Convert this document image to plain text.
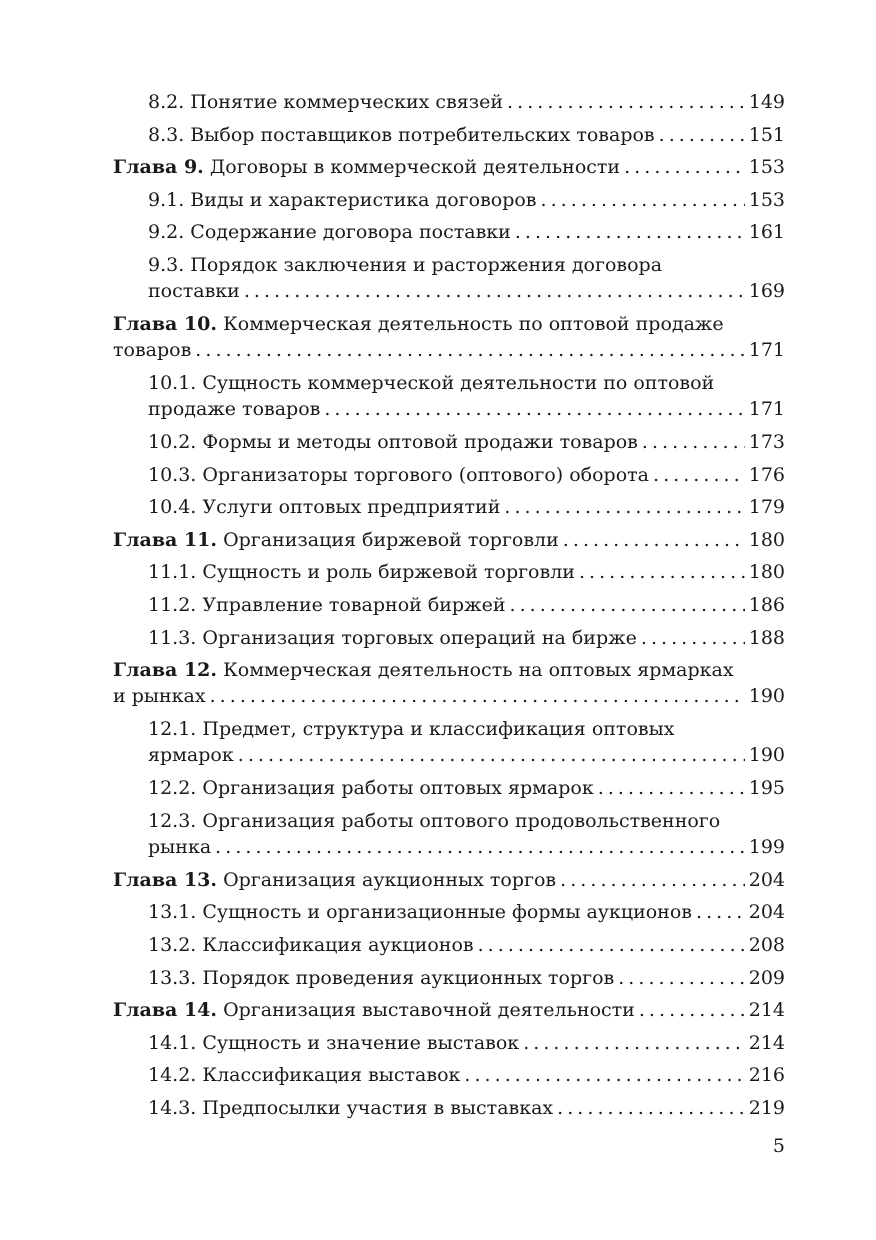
8.2. Понятие коммерческих связей . . .	149
8.3. Выбор поставщиков потребительских товаров . . .	151
Глава 9.
Договоры в коммерческой деятельности . . .	153
9.1. Виды и характеристика договоров . . .	153
9.2. Содержание договора поставки . . .	161
9.3. Порядок заключения и расторжения договора
поставки . . .	169
Глава 10. Коммерческая деятельность по оптовой продаже
товаров . . .	171
10.1. Сущность коммерческой деятельности по оптовой
продаже товаров . . .	171
10.2. Формы и методы оптовой продажи товаров . . .	173
10.3. Организаторы торгового (оптового) оборота . . .	176
10.4. Услуги оптовых предприятий . . .	179
Глава 11.
Организация биржевой торговли . . .	180
11.1. Сущность и роль биржевой торговли . . .	180
11.2. Управление товарной биржей . . .	186
11.3. Организация торговых операций на бирже . . .	188
Глава 12. Коммерческая деятельность на оптовых ярмарках
и рынках . . .	190
12.1. Предмет, структура и классификация оптовых
ярмарок . . .	190
12.2. Организация работы оптовых ярмарок . . .	195
12.3. Организация работы оптового продовольственного
рынка . . .	199
Глава 13.
Организация аукционных торгов . . .	204
13.1. Сущность и организационные формы аукционов . . .	204
13.2. Классификация аукционов . . .	208
13.3. Порядок проведения аукционных торгов . . .	209
Глава 14.
Организация выставочной деятельности . . .	214
14.1. Сущность и значение выставок . . .	214
14.2. Классификация выставок . . .	216
14.3. Предпосылки участия в выставках . . .	219
5
